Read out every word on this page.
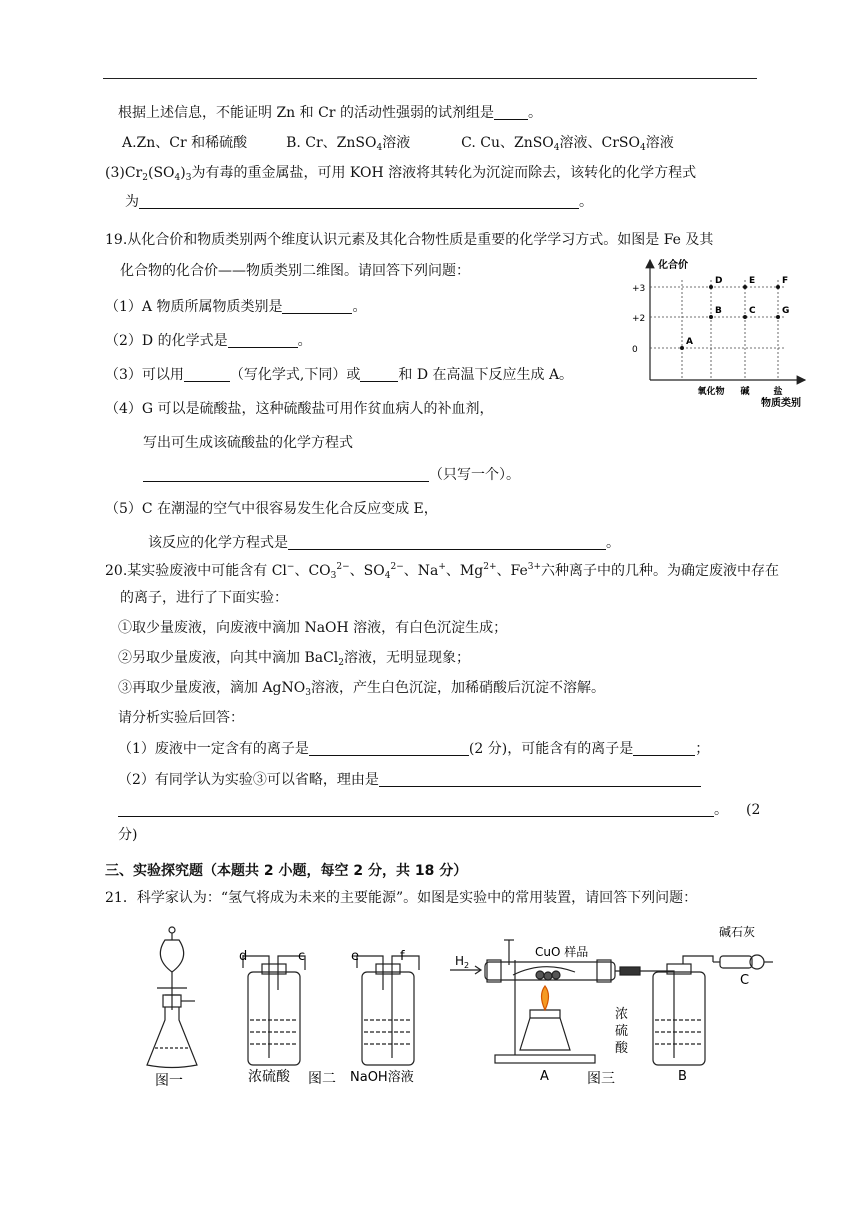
根据上述信息，不能证明 Zn 和 Cr 的活动性强弱的试剂组是 。
A.Zn、Cr 和稀硫酸	B. Cr、ZnSO$_4$溶液	C. Cu、ZnSO$_4$溶液、CrSO$_4$溶液
$(3)Cr_2(SO_4)_3$为有毒的重金属盐，可用 KOH 溶液将其转化为沉淀而除去，该转化的化学方程式
为	。
19.从化合价和物质类别两个维度认识元素及其化合物性质是重要的化学学习方式。如图是 Fe 及其
化合物的化合价——物质类别二维图。请回答下列问题：
（1）A 物质所属物质类别是	。
（2）D 的化学式是	。
（3）可以用	（写化学式,下同）或	和 D 在高温下反应生成 A。
（4）G 可以是硫酸盐，这种硫酸盐可用作贫血病人的补血剂，
写出可生成该硫酸盐的化学方程式
（只写一个）。
（5）C 在潮湿的空气中很容易发生化合反应变成 E，
该反应的化学方程式是	。
+3
+2
0
氧化物 碱	盐
A
B	C
D	E	F
G
化合价
物质类别
20.某实验废液中可能含有 Cl−、$CO_3^{2-}$、$SO_4^{2-}$、Na+、$Mg^{2+}$、$Fe^{3+}$六种离子中的几种。为确定废液中存在
的离子，进行了下面实验：
①取少量废液，向废液中滴加 NaOH 溶液，有白色沉淀生成；
②另取少量废液，向其中滴加 BaCl$_2$溶液，无明显现象；
③再取少量废液，滴加 AgNO$_3$溶液，产生白色沉淀，加稀硝酸后沉淀不溶解。
请分析实验后回答：
（1）废液中一定含有的离子是	(2 分)，可能含有的离子是	；
（2）有同学认为实验③可以省略，理由是
。 (2
分)
三、实验探究题（本题共 2 小题，每空 2 分，共 18 分）
21．科学家认为：“氢气将成为未来的主要能源”。如图是实验中的常用装置，请回答下列问题：
图一
d	c
浓硫酸 图二
e	f
NaOH溶液
$H_2$
CuO 样品
碱石灰
浓
硫
酸
A	图三	B
C
